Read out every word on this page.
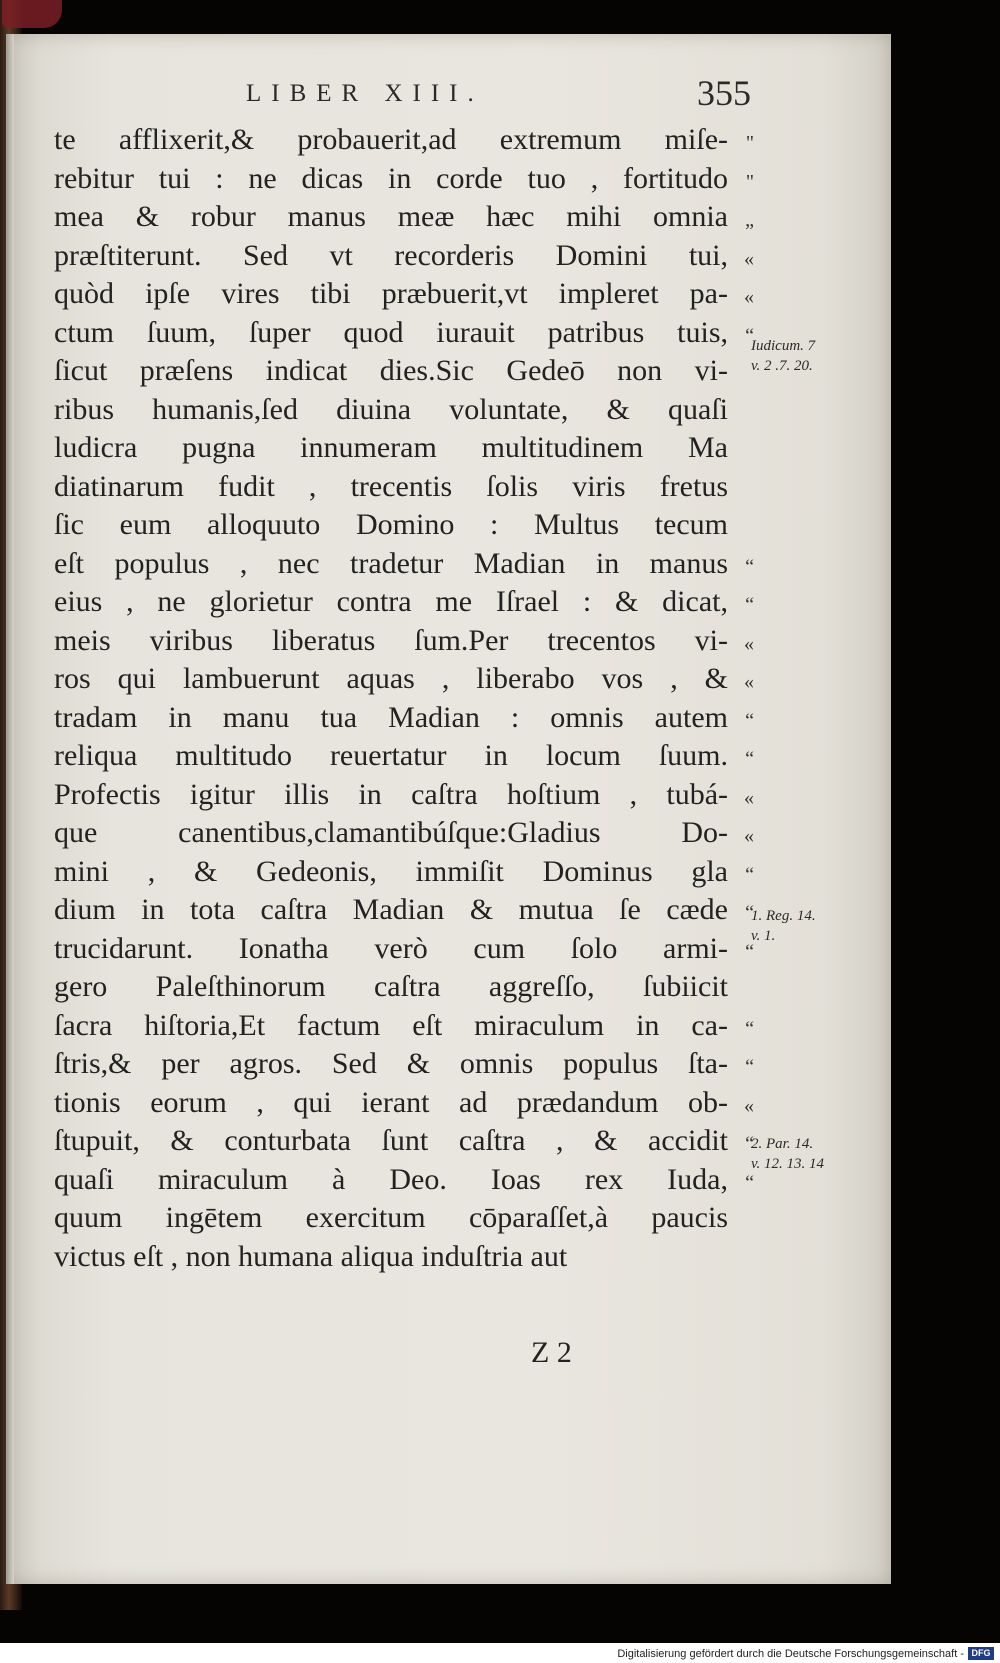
LIBER XIII.	355
te afflixerit,& probauerit,ad extremum miſe- "
rebitur tui : ne dicas in corde tuo , fortitudo "
mea & robur manus meæ hæc mihi omnia „
præſtiterunt. Sed vt recorderis Domini tui, «
quòd ipſe vires tibi præbuerit,vt impleret pa- «
ctum ſuum, ſuper quod iurauit patribus tuis, “
ſicut præſens indicat dies.Sic Gedeō non vi-
ribus humanis,ſed diuina voluntate, & quaſi
ludicra pugna innumeram multitudinem Ma
diatinarum fudit , trecentis ſolis viris fretus
ſic eum alloquuto Domino : Multus tecum
eſt populus , nec tradetur Madian in manus “
eius , ne glorietur contra me Iſrael : & dicat, “
meis viribus liberatus ſum.Per trecentos vi- «
ros qui lambuerunt aquas , liberabo vos , & «
tradam in manu tua Madian : omnis autem “
reliqua multitudo reuertatur in locum ſuum. “
Profectis igitur illis in caſtra hoſtium , tubá- «
que canentibus,clamantibúſque:Gladius Do- «
mini , & Gedeonis, immiſit Dominus gla “
dium in tota caſtra Madian & mutua ſe cæde “
trucidarunt. Ionatha verò cum ſolo armi- “
gero Paleſthinorum caſtra aggreſſo, ſubiicit
ſacra hiſtoria,Et factum eſt miraculum in ca- “
ſtris,& per agros. Sed & omnis populus ſta- “
tionis eorum , qui ierant ad prædandum ob- «
ſtupuit, & conturbata ſunt caſtra , & accidit “
quaſi miraculum à Deo. Ioas rex Iuda, “
quum ingētem exercitum cōparaſſet,à paucis
victus eſt , non humana aliqua induſtria aut
Iudicum. 7
v. 2 .7. 20.
1. Reg. 14.
v. 1.
2. Par. 14.
v. 12. 13. 14
Z 2
Digitalisierung gefördert durch die Deutsche Forschungsgemeinschaft - DFG
